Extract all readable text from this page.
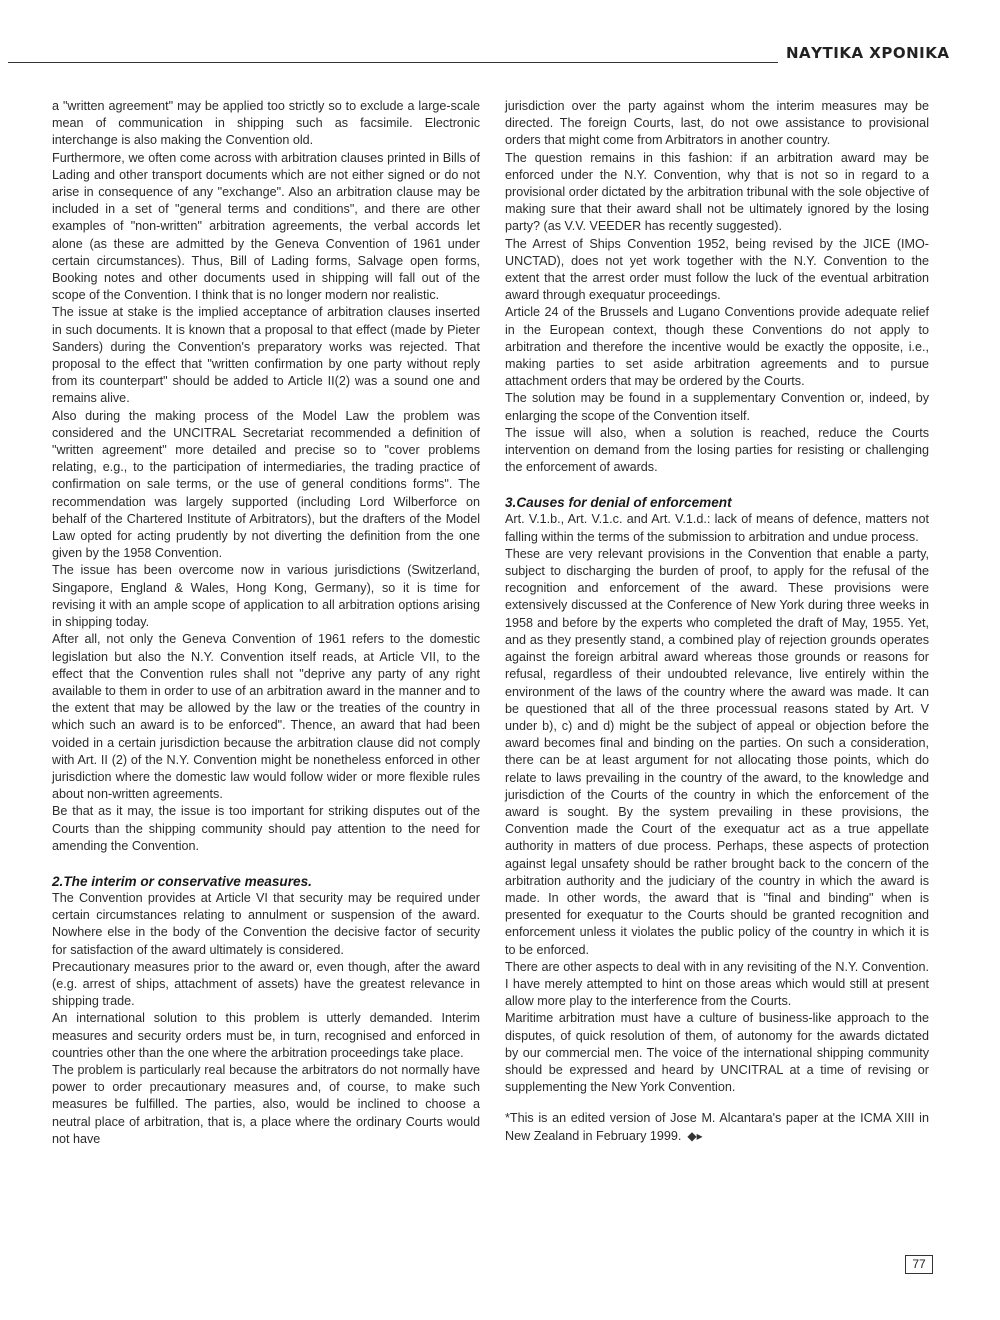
ΝΑΥΤΙΚΑ ΧΡΟΝΙΚΑ

a "written agreement" may be applied too strictly so to exclude a large-scale mean of communication in shipping such as facsimile. Electronic interchange is also making the Convention old.

Furthermore, we often come across with arbitration clauses printed in Bills of Lading and other transport documents which are not either signed or do not arise in consequence of any "exchange". Also an arbitration clause may be included in a set of "general terms and conditions", and there are other examples of "non-written" arbitration agreements, the verbal accords let alone (as these are admitted by the Geneva Convention of 1961 under certain circumstances). Thus, Bill of Lading forms, Salvage open forms, Booking notes and other documents used in shipping will fall out of the scope of the Convention. I think that is no longer modern nor realistic.

The issue at stake is the implied acceptance of arbitration clauses inserted in such documents. It is known that a proposal to that effect (made by Pieter Sanders) during the Convention's preparatory works was rejected. That proposal to the effect that "written confirmation by one party without reply from its counterpart" should be added to Article II(2) was a sound one and remains alive.

Also during the making process of the Model Law the problem was considered and the UNCITRAL Secretariat recommended a definition of "written agreement" more detailed and precise so to "cover problems relating, e.g., to the participation of intermediaries, the trading practice of confirmation on sale terms, or the use of general conditions forms". The recommendation was largely supported (including Lord Wilberforce on behalf of the Chartered Institute of Arbitrators), but the drafters of the Model Law opted for acting prudently by not diverting the definition from the one given by the 1958 Convention.

The issue has been overcome now in various jurisdictions (Switzerland, Singapore, England & Wales, Hong Kong, Germany), so it is time for revising it with an ample scope of application to all arbitration options arising in shipping today.

After all, not only the Geneva Convention of 1961 refers to the domestic legislation but also the N.Y. Convention itself reads, at Article VII, to the effect that the Convention rules shall not "deprive any party of any right available to them in order to use of an arbitration award in the manner and to the extent that may be allowed by the law or the treaties of the country in which such an award is to be enforced". Thence, an award that had been voided in a certain jurisdiction because the arbitration clause did not comply with Art. II (2) of the N.Y. Convention might be nonetheless enforced in other jurisdiction where the domestic law would follow wider or more flexible rules about non-written agreements.

Be that as it may, the issue is too important for striking disputes out of the Courts than the shipping community should pay attention to the need for amending the Convention.

2.The interim or conservative measures.

The Convention provides at Article VI that security may be required under certain circumstances relating to annulment or suspension of the award. Nowhere else in the body of the Convention the decisive factor of security for satisfaction of the award ultimately is considered.

Precautionary measures prior to the award or, even though, after the award (e.g. arrest of ships, attachment of assets) have the greatest relevance in shipping trade.

An international solution to this problem is utterly demanded. Interim measures and security orders must be, in turn, recognised and enforced in countries other than the one where the arbitration proceedings take place.

The problem is particularly real because the arbitrators do not normally have power to order precautionary measures and, of course, to make such measures be fulfilled. The parties, also, would be inclined to choose a neutral place of arbitration, that is, a place where the ordinary Courts would not have

jurisdiction over the party against whom the interim measures may be directed. The foreign Courts, last, do not owe assistance to provisional orders that might come from Arbitrators in another country.

The question remains in this fashion: if an arbitration award may be enforced under the N.Y. Convention, why that is not so in regard to a provisional order dictated by the arbitration tribunal with the sole objective of making sure that their award shall not be ultimately ignored by the losing party? (as V.V. VEEDER has recently suggested).

The Arrest of Ships Convention 1952, being revised by the JICE (IMO-UNCTAD), does not yet work together with the N.Y. Convention to the extent that the arrest order must follow the luck of the eventual arbitration award through exequatur proceedings.

Article 24 of the Brussels and Lugano Conventions provide adequate relief in the European context, though these Conventions do not apply to arbitration and therefore the incentive would be exactly the opposite, i.e., making parties to set aside arbitration agreements and to pursue attachment orders that may be ordered by the Courts.

The solution may be found in a supplementary Convention or, indeed, by enlarging the scope of the Convention itself.

The issue will also, when a solution is reached, reduce the Courts intervention on demand from the losing parties for resisting or challenging the enforcement of awards.

3.Causes for denial of enforcement

Art. V.1.b., Art. V.1.c. and Art. V.1.d.: lack of means of defence, matters not falling within the terms of the submission to arbitration and undue process.

These are very relevant provisions in the Convention that enable a party, subject to discharging the burden of proof, to apply for the refusal of the recognition and enforcement of the award. These provisions were extensively discussed at the Conference of New York during three weeks in 1958 and before by the experts who completed the draft of May, 1955. Yet, and as they presently stand, a combined play of rejection grounds operates against the foreign arbitral award whereas those grounds or reasons for refusal, regardless of their undoubted relevance, live entirely within the environment of the laws of the country where the award was made. It can be questioned that all of the three processual reasons stated by Art. V under b), c) and d) might be the subject of appeal or objection before the award becomes final and binding on the parties. On such a consideration, there can be at least argument for not allocating those points, which do relate to laws prevailing in the country of the award, to the knowledge and jurisdiction of the Courts of the country in which the enforcement of the award is sought. By the system prevailing in these provisions, the Convention made the Court of the exequatur act as a true appellate authority in matters of due process. Perhaps, these aspects of protection against legal unsafety should be rather brought back to the concern of the arbitration authority and the judiciary of the country in which the award is made. In other words, the award that is "final and binding" when is presented for exequatur to the Courts should be granted recognition and enforcement unless it violates the public policy of the country in which it is to be enforced.

There are other aspects to deal with in any revisiting of the N.Y. Convention. I have merely attempted to hint on those areas which would still at present allow more play to the interference from the Courts.

Maritime arbitration must have a culture of business-like approach to the disputes, of quick resolution of them, of autonomy for the awards dictated by our commercial men. The voice of the international shipping community should be expressed and heard by UNCITRAL at a time of revising or supplementing the New York Convention.

*This is an edited version of Jose M. Alcantara's paper at the ICMA XIII in New Zealand in February 1999. ◆▸

77
